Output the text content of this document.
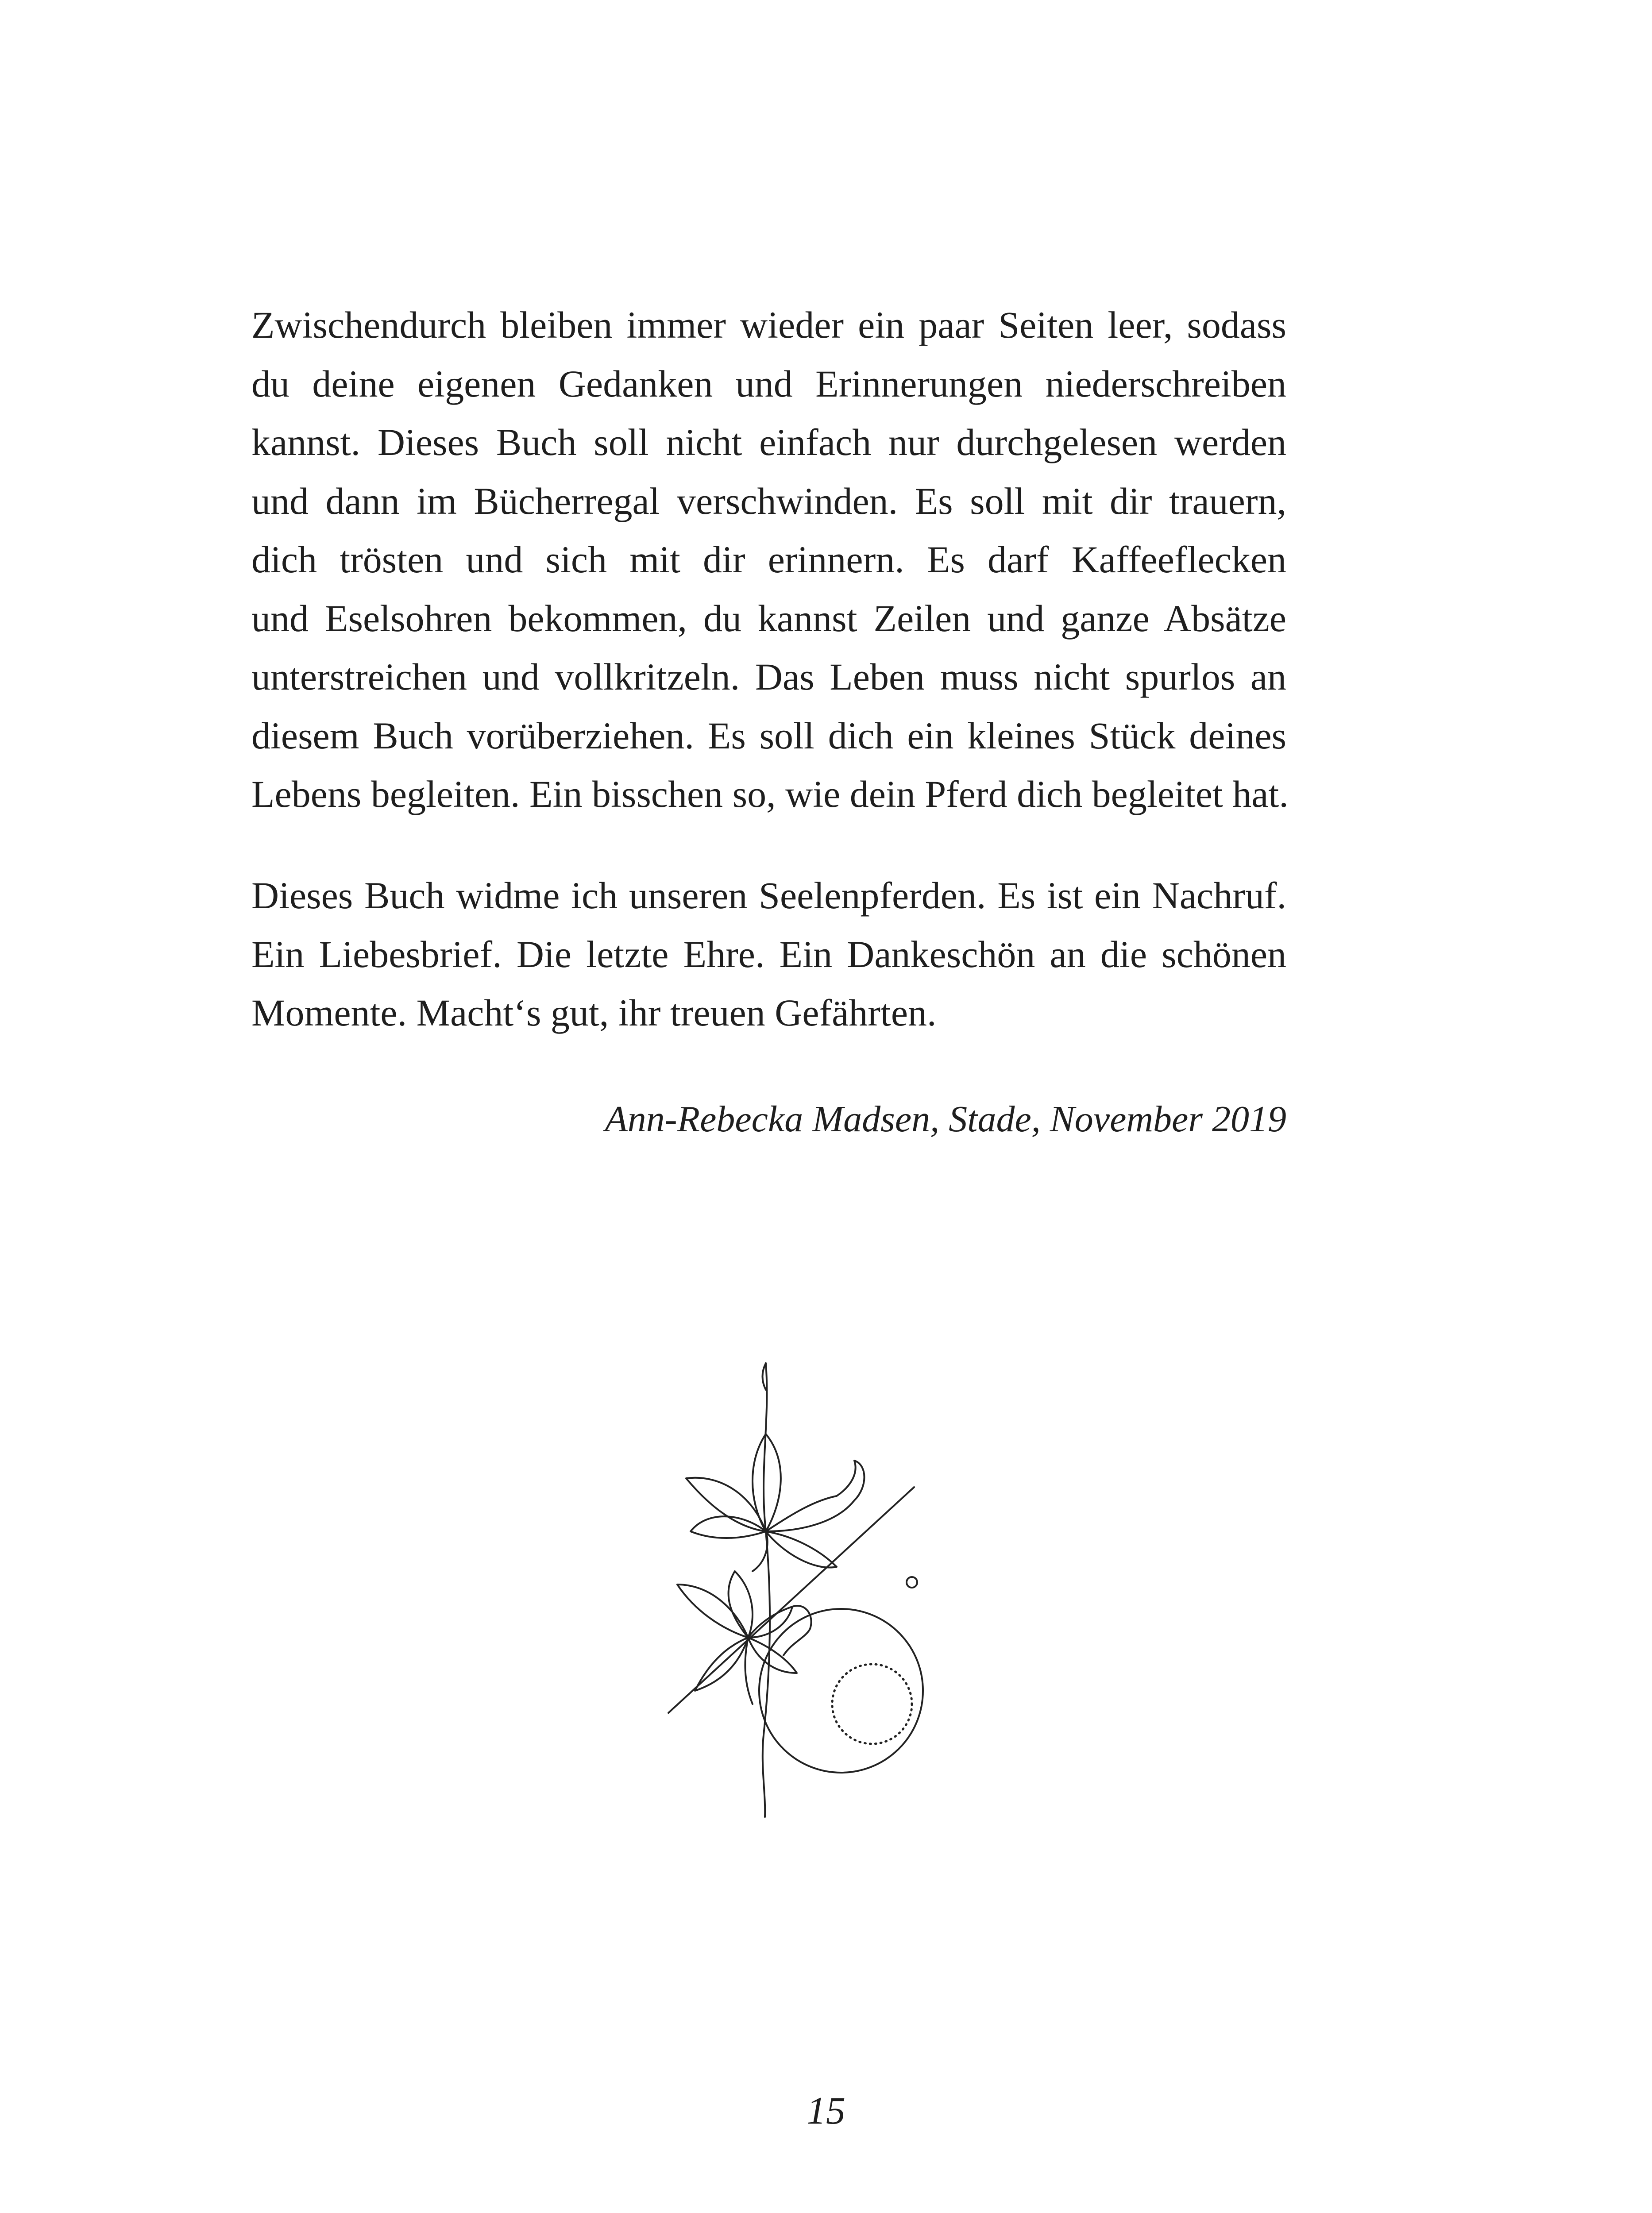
Zwischendurch bleiben immer wieder ein paar Seiten leer, sodass
du deine eigenen Gedanken und Erinnerungen niederschreiben
kannst. Dieses Buch soll nicht einfach nur durchgelesen werden
und dann im Bücherregal verschwinden. Es soll mit dir trauern,
dich trösten und sich mit dir erinnern. Es darf Kaffeeflecken
und Eselsohren bekommen, du kannst Zeilen und ganze Absätze
unterstreichen und vollkritzeln. Das Leben muss nicht spurlos an
diesem Buch vorüberziehen. Es soll dich ein kleines Stück deines
Lebens begleiten. Ein bisschen so, wie dein Pferd dich begleitet hat.

Dieses Buch widme ich unseren Seelenpferden. Es ist ein Nachruf.
Ein Liebesbrief. Die letzte Ehre. Ein Dankeschön an die schönen
Momente. Macht‘s gut, ihr treuen Gefährten.
Ann-Rebecka Madsen, Stade, November 2019
15
